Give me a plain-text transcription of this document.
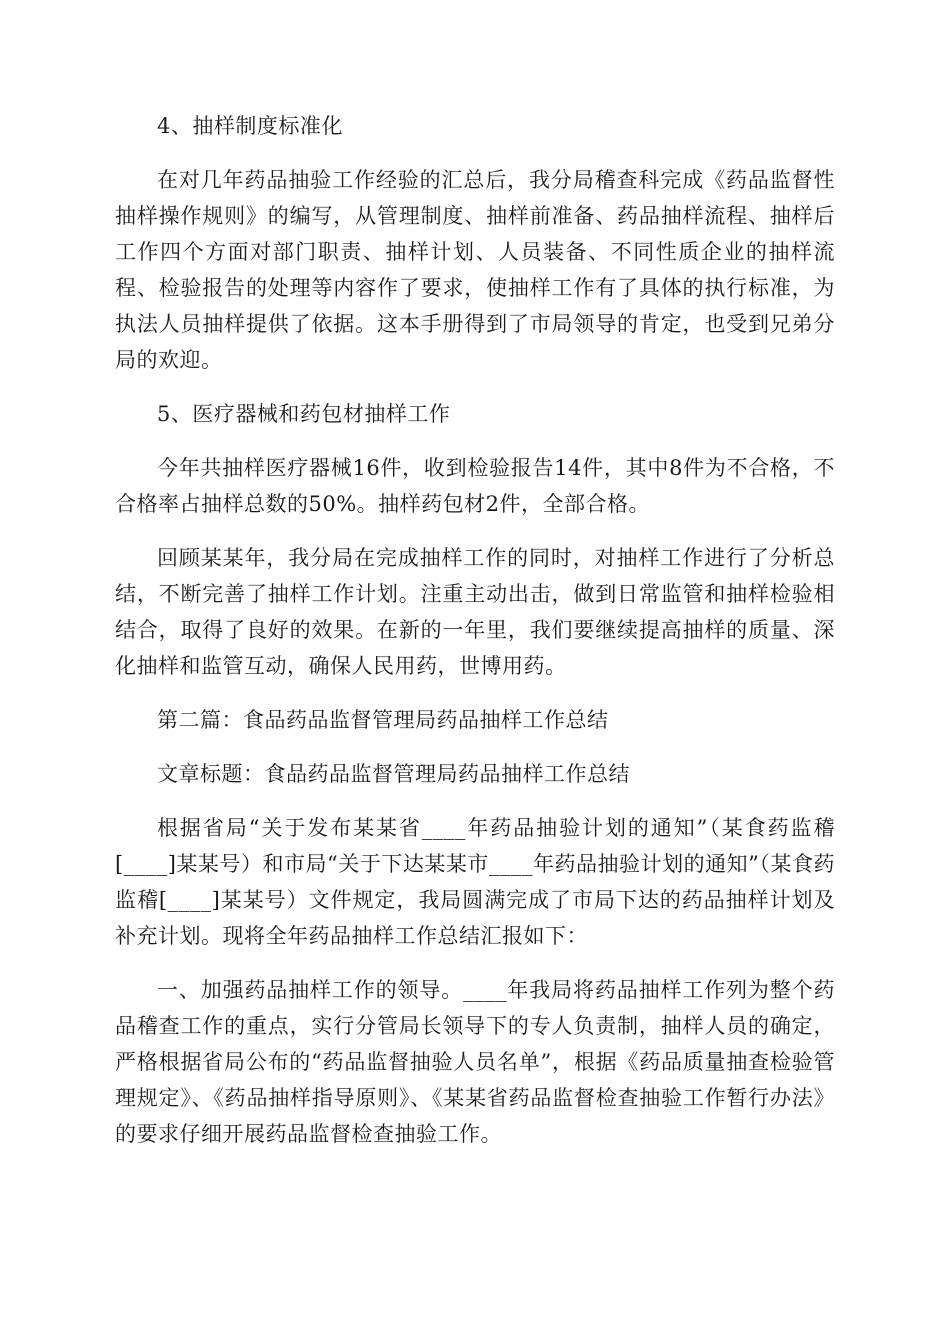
4、抽样制度标准化

在对几年药品抽验工作经验的汇总后，我分局稽查科完成《药品监督性抽样操作规则》的编写，从管理制度、抽样前准备、药品抽样流程、抽样后工作四个方面对部门职责、抽样计划、人员装备、不同性质企业的抽样流程、检验报告的处理等内容作了要求，使抽样工作有了具体的执行标准，为执法人员抽样提供了依据。这本手册得到了市局领导的肯定，也受到兄弟分局的欢迎。

5、医疗器械和药包材抽样工作

今年共抽样医疗器械16件，收到检验报告14件，其中8件为不合格，不合格率占抽样总数的50%。抽样药包材2件，全部合格。

回顾某某年，我分局在完成抽样工作的同时，对抽样工作进行了分析总结，不断完善了抽样工作计划。注重主动出击，做到日常监管和抽样检验相结合，取得了良好的效果。在新的一年里，我们要继续提高抽样的质量、深化抽样和监管互动，确保人民用药，世博用药。

第二篇：食品药品监督管理局药品抽样工作总结

文章标题：食品药品监督管理局药品抽样工作总结

根据省局“关于发布某某省____年药品抽验计划的通知”（某食药监稽[____]某某号）和市局“关于下达某某市____年药品抽验计划的通知”（某食药监稽[____]某某号）文件规定，我局圆满完成了市局下达的药品抽样计划及补充计划。现将全年药品抽样工作总结汇报如下：

一、加强药品抽样工作的领导。____年我局将药品抽样工作列为整个药品稽查工作的重点，实行分管局长领导下的专人负责制，抽样人员的确定，严格根据省局公布的“药品监督抽验人员名单”，根据《药品质量抽查检验管理规定》、《药品抽样指导原则》、《某某省药品监督检查抽验工作暂行办法》的要求仔细开展药品监督检查抽验工作。
